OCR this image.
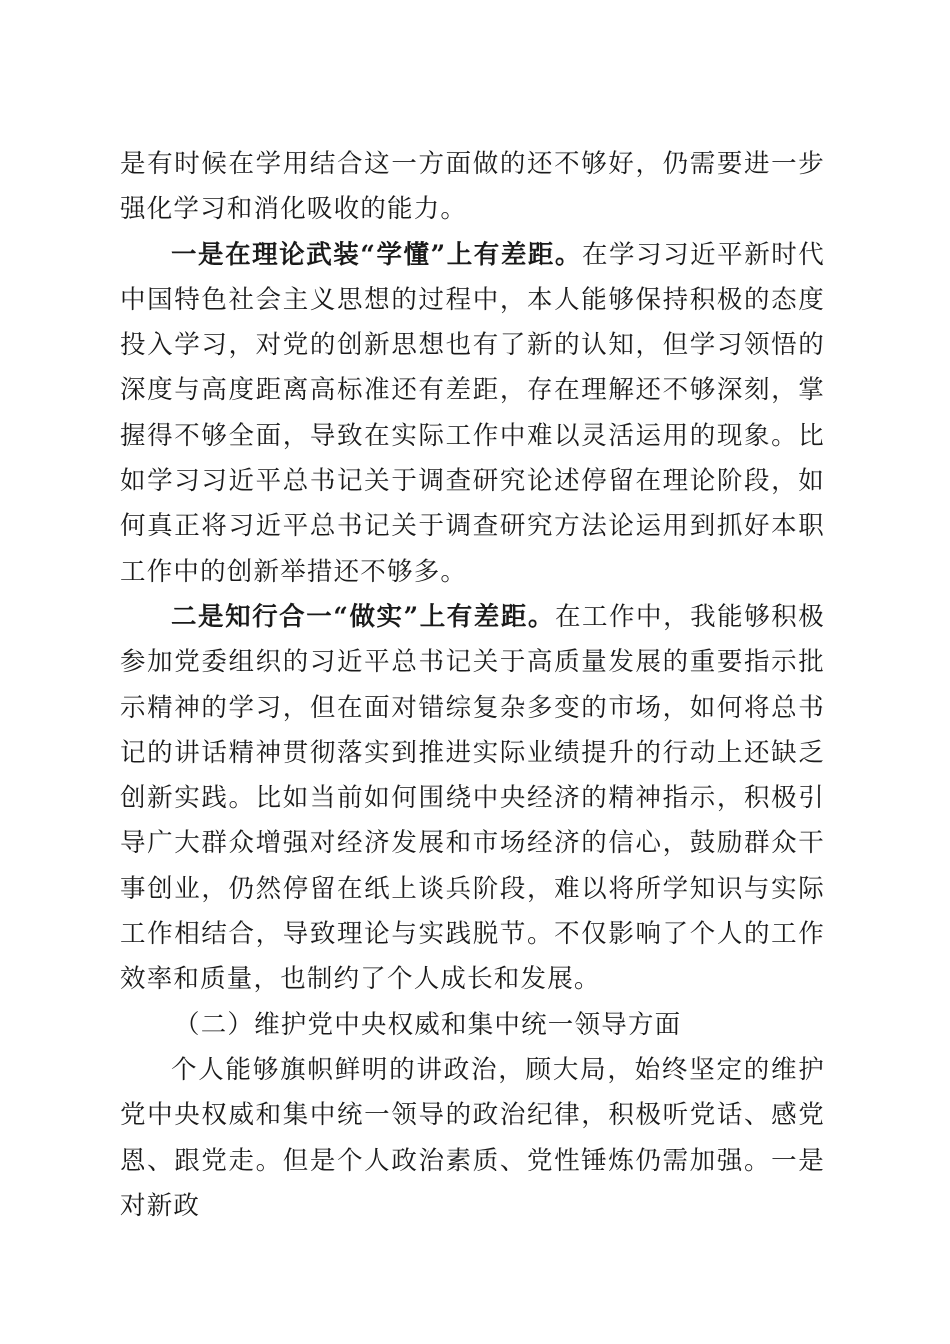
是有时候在学用结合这一方面做的还不够好，仍需要进一步强化学习和消化吸收的能力。

一是在理论武装“学懂”上有差距。在学习习近平新时代中国特色社会主义思想的过程中，本人能够保持积极的态度投入学习，对党的创新思想也有了新的认知，但学习领悟的深度与高度距离高标准还有差距，存在理解还不够深刻，掌握得不够全面，导致在实际工作中难以灵活运用的现象。比如学习习近平总书记关于调查研究论述停留在理论阶段，如何真正将习近平总书记关于调查研究方法论运用到抓好本职工作中的创新举措还不够多。

二是知行合一“做实”上有差距。在工作中，我能够积极参加党委组织的习近平总书记关于高质量发展的重要指示批示精神的学习，但在面对错综复杂多变的市场，如何将总书记的讲话精神贯彻落实到推进实际业绩提升的行动上还缺乏创新实践。比如当前如何围绕中央经济的精神指示，积极引导广大群众增强对经济发展和市场经济的信心，鼓励群众干事创业，仍然停留在纸上谈兵阶段，难以将所学知识与实际工作相结合，导致理论与实践脱节。不仅影响了个人的工作效率和质量，也制约了个人成长和发展。

（二）维护党中央权威和集中统一领导方面

个人能够旗帜鲜明的讲政治，顾大局，始终坚定的维护党中央权威和集中统一领导的政治纪律，积极听党话、感党恩、跟党走。但是个人政治素质、党性锤炼仍需加强。一是对新政
